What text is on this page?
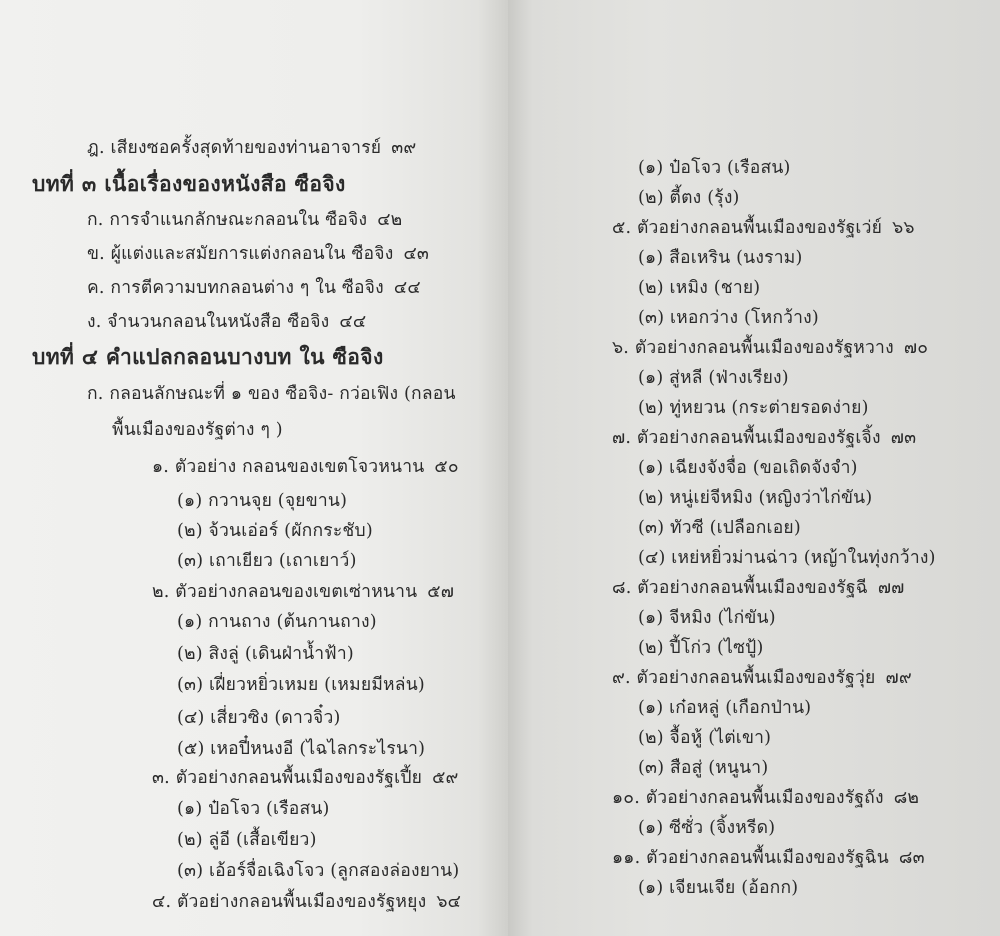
ฎ. เสียงซอครั้งสุดท้ายของท่านอาจารย์ ๓๙
บทที่ ๓ เนื้อเรื่องของหนังสือ ซือจิง
ก. การจำแนกลักษณะกลอนใน ซือจิง ๔๒
ข. ผู้แต่งและสมัยการแต่งกลอนใน ซือจิง ๔๓
ค. การตีความบทกลอนต่าง ๆ ใน ซือจิง ๔๔
ง. จำนวนกลอนในหนังสือ ซือจิง ๔๔
บทที่ ๔ คำแปลกลอนบางบท ใน ซือจิง
ก. กลอนลักษณะที่ ๑ ของ ซือจิง- กว่อเฟิง (กลอน
พื้นเมืองของรัฐต่าง ๆ )
๑. ตัวอย่าง กลอนของเขตโจวหนาน ๕๐
(๑) กวานจุย (จุยขาน)
(๒) จ้วนเอ่อร์ (ผักกระชับ)
(๓) เถาเยียว (เถาเยาว์)
๒. ตัวอย่างกลอนของเขตเซ่าหนาน ๕๗
(๑) กานถาง (ต้นกานถาง)
(๒) สิงลู่ (เดินฝ่าน้ำฟ้า)
(๓) เฝี่ยวหยิ่วเหมย (เหมยมีหล่น)
(๔) เสี่ยวซิง (ดาวจิ๋ว)
(๕) เหอปี๋หนงอี (ไฉไลกระไรนา)
๓. ตัวอย่างกลอนพื้นเมืองของรัฐเปี้ย ๕๙
(๑) ป๋อโจว (เรือสน)
(๒) ลู่อี (เสื้อเขียว)
(๓) เอ้อร์จื่อเฉิงโจว (ลูกสองล่องยาน)
๔. ตัวอย่างกลอนพื้นเมืองของรัฐหยุง ๖๔
(๑) ป๋อโจว (เรือสน)
(๒) ตี้ตง (รุ้ง)
๕. ตัวอย่างกลอนพื้นเมืองของรัฐเว่ย์ ๖๖
(๑) สือเหริน (นงราม)
(๒) เหมิง (ชาย)
(๓) เหอกว่าง (โหกว้าง)
๖. ตัวอย่างกลอนพื้นเมืองของรัฐหวาง ๗๐
(๑) สู่หลี (ฟ่างเรียง)
(๒) ทู่หยวน (กระต่ายรอดง่าย)
๗. ตัวอย่างกลอนพื้นเมืองของรัฐเจิ้ง ๗๓
(๑) เฉียงจังจื่อ (ขอเถิดจังจำ)
(๒) หนู่เย่จีหมิง (หญิงว่าไก่ขัน)
(๓) ทัวซี (เปลือกเอย)
(๔) เหย่หยิ่วม่านฉ่าว (หญ้าในทุ่งกว้าง)
๘. ตัวอย่างกลอนพื้นเมืองของรัฐฉี ๗๗
(๑) จีหมิง (ไก่ขัน)
(๒) ปี้โก่ว (ไซปู้)
๙. ตัวอย่างกลอนพื้นเมืองของรัฐวุ่ย ๗๙
(๑) เก๋อหลู่ (เกือกป่าน)
(๒) จื้อหู้ (ไต่เขา)
(๓) สือสู่ (หนูนา)
๑๐. ตัวอย่างกลอนพื้นเมืองของรัฐถัง ๘๒
(๑) ซีซั่ว (จิ้งหรีด)
๑๑. ตัวอย่างกลอนพื้นเมืองของรัฐฉิน ๘๓
(๑) เจียนเจีย (อ้อกก)
